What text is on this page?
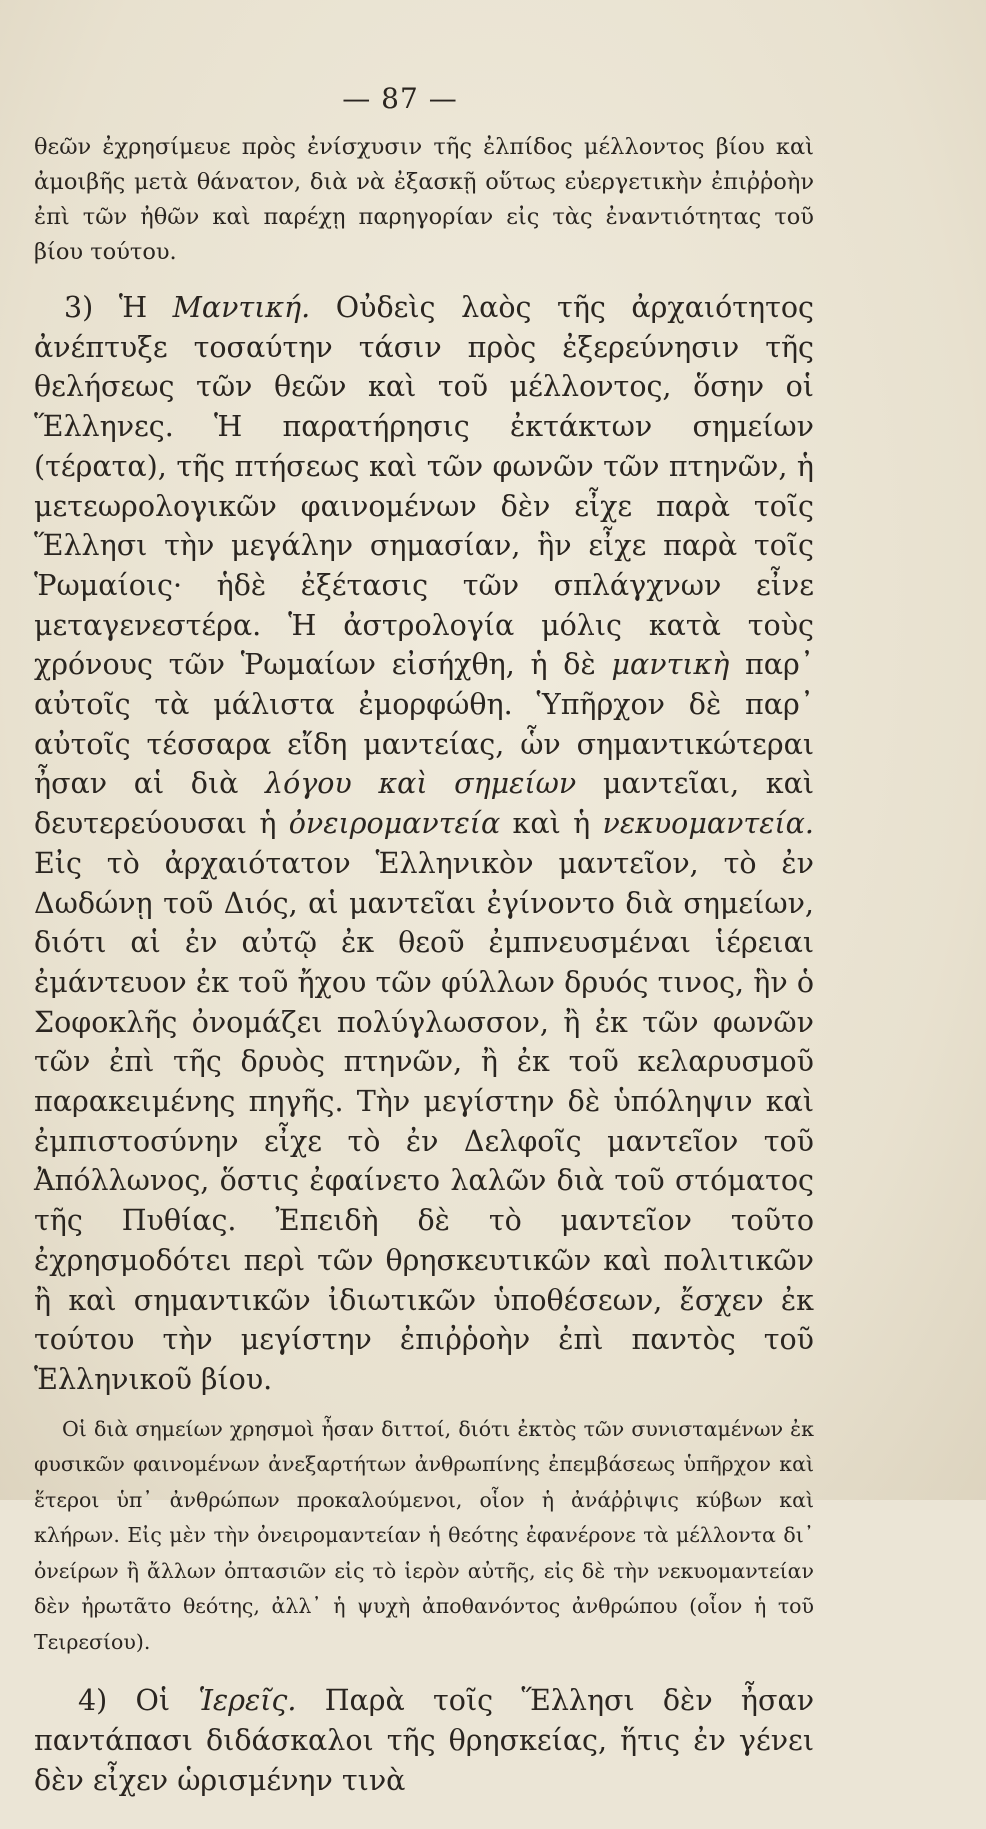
— 87 —

θεῶν ἐχρησίμευε πρὸς ἐνίσχυσιν τῆς ἐλπίδος μέλλοντος βίου καὶ ἀμοιβῆς μετὰ θάνατον, διὰ νὰ ἐξασκῇ οὕτως εὐεργετικὴν ἐπιῤῥοὴν ἐπὶ τῶν ἠθῶν καὶ παρέχῃ παρηγορίαν εἰς τὰς ἐναντιότητας τοῦ βίου τούτου.

3) Ἡ Μαντική. Οὐδεὶς λαὸς τῆς ἀρχαιότητος ἀνέπτυξε τοσαύτην τάσιν πρὸς ἐξερεύνησιν τῆς θελήσεως τῶν θεῶν καὶ τοῦ μέλλοντος, ὅσην οἱ Ἕλληνες. Ἡ παρατήρησις ἐκτάκτων σημείων (τέρατα), τῆς πτήσεως καὶ τῶν φωνῶν τῶν πτηνῶν, ἡ μετεωρολογικῶν φαινομένων δὲν εἶχε παρὰ τοῖς Ἕλλησι τὴν μεγάλην σημασίαν, ἣν εἶχε παρὰ τοῖς Ῥωμαίοις· ἡδὲ ἐξέτασις τῶν σπλάγχνων εἶνε μεταγενεστέρα. Ἡ ἀστρολογία μόλις κατὰ τοὺς χρόνους τῶν Ῥωμαίων εἰσήχθη, ἡ δὲ μαντικὴ παρ᾽ αὐτοῖς τὰ μάλιστα ἐμορφώθη. Ὑπῆρχον δὲ παρ᾽ αὐτοῖς τέσσαρα εἴδη μαντείας, ὧν σημαντικώτεραι ἦσαν αἱ διὰ λόγου καὶ σημείων μαντεῖαι, καὶ δευτερεύουσαι ἡ ὀνειρομαντεία καὶ ἡ νεκυομαντεία. Εἰς τὸ ἀρχαιότατον Ἑλληνικὸν μαντεῖον, τὸ ἐν Δωδώνῃ τοῦ Διός, αἱ μαντεῖαι ἐγίνοντο διὰ σημείων, διότι αἱ ἐν αὐτῷ ἐκ θεοῦ ἐμπνευσμέναι ἱέρειαι ἐμάντευον ἐκ τοῦ ἤχου τῶν φύλλων δρυός τινος, ἣν ὁ Σοφοκλῆς ὀνομάζει πολύγλωσσον, ἢ ἐκ τῶν φωνῶν τῶν ἐπὶ τῆς δρυὸς πτηνῶν, ἢ ἐκ τοῦ κελαρυσμοῦ παρακειμένης πηγῆς. Τὴν μεγίστην δὲ ὑπόληψιν καὶ ἐμπιστοσύνην εἶχε τὸ ἐν Δελφοῖς μαντεῖον τοῦ Ἀπόλλωνος, ὅστις ἐφαίνετο λαλῶν διὰ τοῦ στόματος τῆς Πυθίας. Ἐπειδὴ δὲ τὸ μαντεῖον τοῦτο ἐχρησμοδότει περὶ τῶν θρησκευτικῶν καὶ πολιτικῶν ἢ καὶ σημαντικῶν ἰδιωτικῶν ὑποθέσεων, ἔσχεν ἐκ τούτου τὴν μεγίστην ἐπιῤῥοὴν ἐπὶ παντὸς τοῦ Ἑλληνικοῦ βίου.

Οἱ διὰ σημείων χρησμοὶ ἦσαν διττοί, διότι ἐκτὸς τῶν συνισταμένων ἐκ φυσικῶν φαινομένων ἀνεξαρτήτων ἀνθρωπίνης ἐπεμβάσεως ὑπῆρχον καὶ ἕτεροι ὑπ᾽ ἀνθρώπων προκαλούμενοι, οἷον ἡ ἀνάῤῥιψις κύβων καὶ κλήρων. Εἰς μὲν τὴν ὀνειρομαντείαν ἡ θεότης ἐφανέρονε τὰ μέλλοντα δι᾽ ὀνείρων ἢ ἄλλων ὀπτασιῶν εἰς τὸ ἱερὸν αὐτῆς, εἰς δὲ τὴν νεκυομαντείαν δὲν ἠρωτᾶτο θεότης, ἀλλ᾽ ἡ ψυχὴ ἀποθανόντος ἀνθρώπου (οἷον ἡ τοῦ Τειρεσίου).

4) Οἱ Ἱερεῖς. Παρὰ τοῖς Ἕλλησι δὲν ἦσαν παντάπασι διδάσκαλοι τῆς θρησκείας, ἥτις ἐν γένει δὲν εἶχεν ὡρισμένην τινὰ
